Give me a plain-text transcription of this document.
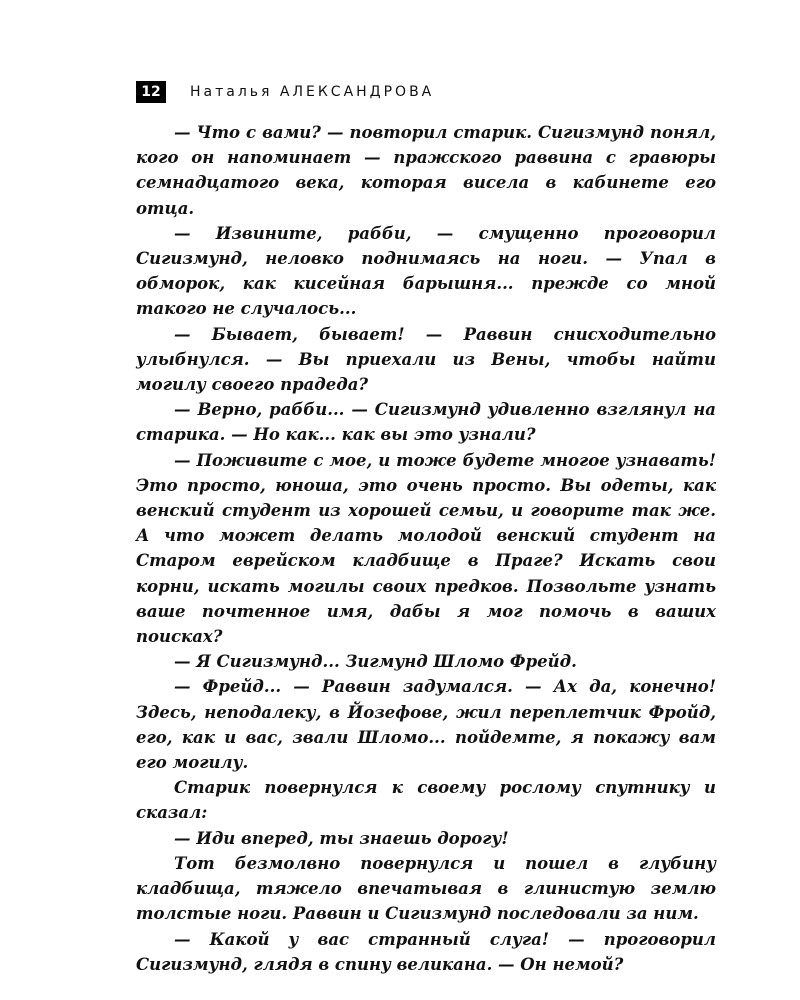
12	Наталья АЛЕКСАНДРОВА

— Что с вами? — повторил старик. Сигизмунд понял, кого он напоминает — пражского раввина с гравюры семнадцатого века, которая висела в кабинете его отца.

— Извините, рабби, — смущенно проговорил Сигизмунд, неловко поднимаясь на ноги. — Упал в обморок, как кисейная барышня... прежде со мной такого не случалось...

— Бывает, бывает! — Раввин снисходительно улыбнулся. — Вы приехали из Вены, чтобы найти могилу своего прадеда?

— Верно, рабби... — Сигизмунд удивленно взглянул на старика. — Но как... как вы это узнали?

— Поживите с мое, и тоже будете многое узнавать! Это просто, юноша, это очень просто. Вы одеты, как венский студент из хорошей семьи, и говорите так же. А что может делать молодой венский студент на Старом еврейском кладбище в Праге? Искать свои корни, искать могилы своих предков. Позвольте узнать ваше почтенное имя, дабы я мог помочь в ваших поисках?

— Я Сигизмунд... Зигмунд Шломо Фрейд.

— Фрейд... — Раввин задумался. — Ах да, конечно! Здесь, неподалеку, в Йозефове, жил переплетчик Фройд, его, как и вас, звали Шломо... пойдемте, я покажу вам его могилу.

Старик повернулся к своему рослому спутнику и сказал:

— Иди вперед, ты знаешь дорогу!

Тот безмолвно повернулся и пошел в глубину кладбища, тяжело впечатывая в глинистую землю толстые ноги. Раввин и Сигизмунд последовали за ним.

— Какой у вас странный слуга! — проговорил Сигизмунд, глядя в спину великана. — Он немой?
